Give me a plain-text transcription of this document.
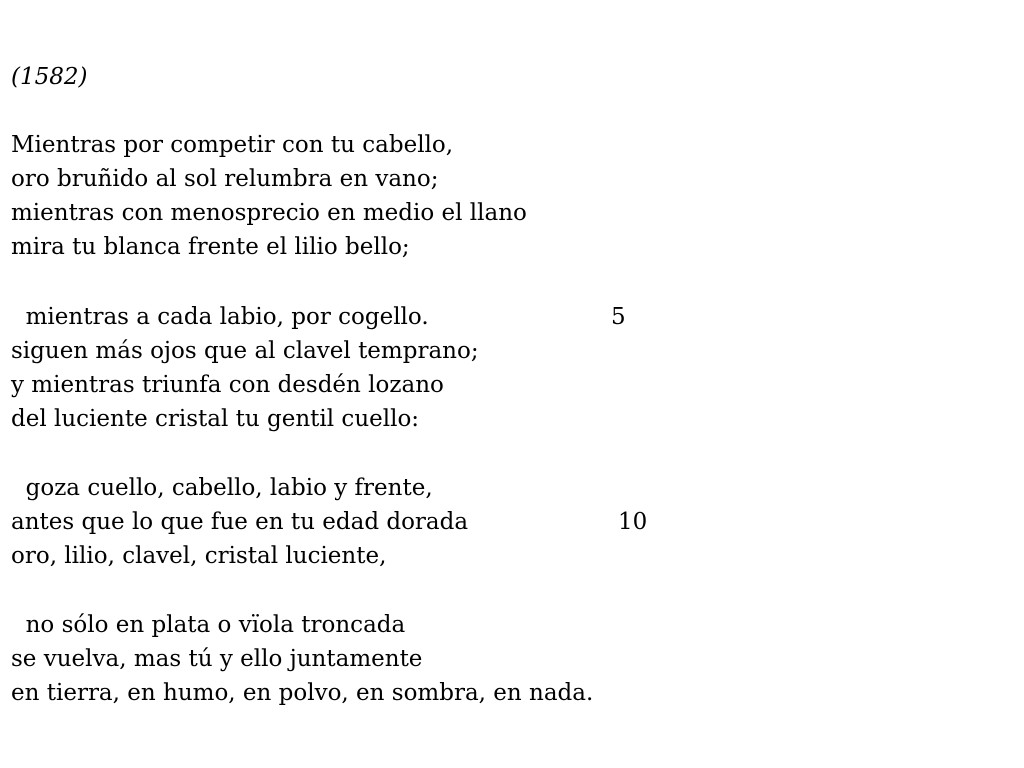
(1582)
Mientras por competir con tu cabello,
oro bruñido al sol relumbra en vano;
mientras con menosprecio en medio el llano
mira tu blanca frente el lilio bello;
mientras a cada labio, por cogello.	5
siguen más ojos que al clavel temprano;
y mientras triunfa con desdén lozano
del luciente cristal tu gentil cuello:
goza cuello, cabello, labio y frente,
antes que lo que fue en tu edad dorada	10
oro, lilio, clavel, cristal luciente,
no sólo en plata o vïola troncada
se vuelva, mas tú y ello juntamente
en tierra, en humo, en polvo, en sombra, en nada.
